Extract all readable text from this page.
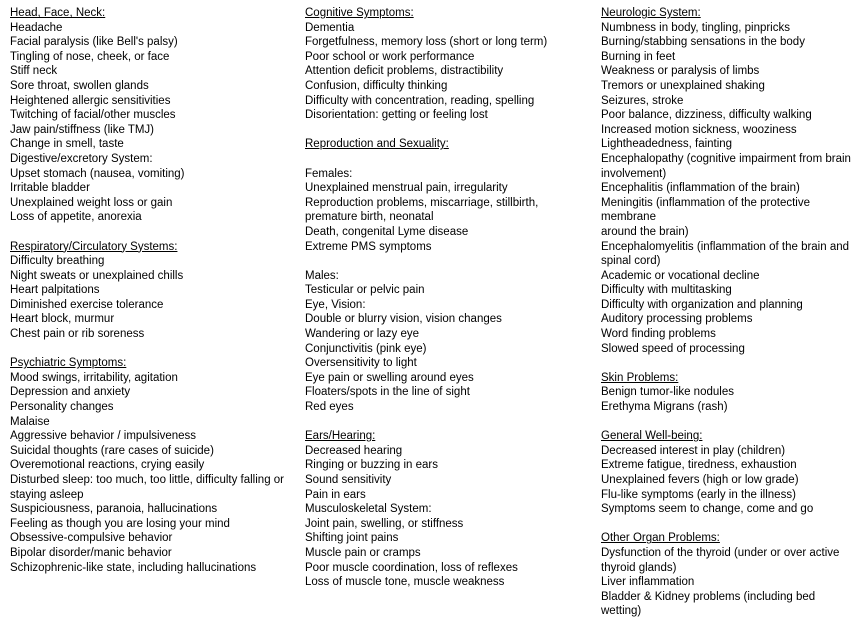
Head, Face, Neck:
Headache
Facial paralysis (like Bell's palsy)
Tingling of nose, cheek, or face
Stiff neck
Sore throat, swollen glands
Heightened allergic sensitivities
Twitching of facial/other muscles
Jaw pain/stiffness (like TMJ)
Change in smell, taste
Digestive/excretory System:
Upset stomach (nausea, vomiting)
Irritable bladder
Unexplained weight loss or gain
Loss of appetite, anorexia
Respiratory/Circulatory Systems:
Difficulty breathing
Night sweats or unexplained chills
Heart palpitations
Diminished exercise tolerance
Heart block, murmur
Chest pain or rib soreness
Psychiatric Symptoms:
Mood swings, irritability, agitation
Depression and anxiety
Personality changes
Malaise
Aggressive behavior / impulsiveness
Suicidal thoughts (rare cases of suicide)
Overemotional reactions, crying easily
Disturbed sleep: too much, too little, difficulty falling or
staying asleep
Suspiciousness, paranoia, hallucinations
Feeling as though you are losing your mind
Obsessive-compulsive behavior
Bipolar disorder/manic behavior
Schizophrenic-like state, including hallucinations
Cognitive Symptoms:
Dementia
Forgetfulness, memory loss (short or long term)
Poor school or work performance
Attention deficit problems, distractibility
Confusion, difficulty thinking
Difficulty with concentration, reading, spelling
Disorientation: getting or feeling lost
Reproduction and Sexuality:
Females:
Unexplained menstrual pain, irregularity
Reproduction problems, miscarriage, stillbirth,
premature birth, neonatal
Death, congenital Lyme disease
Extreme PMS symptoms
Males:
Testicular or pelvic pain
Eye, Vision:
Double or blurry vision, vision changes
Wandering or lazy eye
Conjunctivitis (pink eye)
Oversensitivity to light
Eye pain or swelling around eyes
Floaters/spots in the line of sight
Red eyes
Ears/Hearing:
Decreased hearing
Ringing or buzzing in ears
Sound sensitivity
Pain in ears
Musculoskeletal System:
Joint pain, swelling, or stiffness
Shifting joint pains
Muscle pain or cramps
Poor muscle coordination, loss of reflexes
Loss of muscle tone, muscle weakness
Neurologic System:
Numbness in body, tingling, pinpricks
Burning/stabbing sensations in the body
Burning in feet
Weakness or paralysis of limbs
Tremors or unexplained shaking
Seizures, stroke
Poor balance, dizziness, difficulty walking
Increased motion sickness, wooziness
Lightheadedness, fainting
Encephalopathy (cognitive impairment from brain
involvement)
Encephalitis (inflammation of the brain)
Meningitis (inflammation of the protective membrane
around the brain)
Encephalomyelitis (inflammation of the brain and
spinal cord)
Academic or vocational decline
Difficulty with multitasking
Difficulty with organization and planning
Auditory processing problems
Word finding problems
Slowed speed of processing
Skin Problems:
Benign tumor-like nodules
Erethyma Migrans (rash)
General Well-being:
Decreased interest in play (children)
Extreme fatigue, tiredness, exhaustion
Unexplained fevers (high or low grade)
Flu-like symptoms (early in the illness)
Symptoms seem to change, come and go
Other Organ Problems:
Dysfunction of the thyroid (under or over active
thyroid glands)
Liver inflammation
Bladder & Kidney problems (including bed wetting)
